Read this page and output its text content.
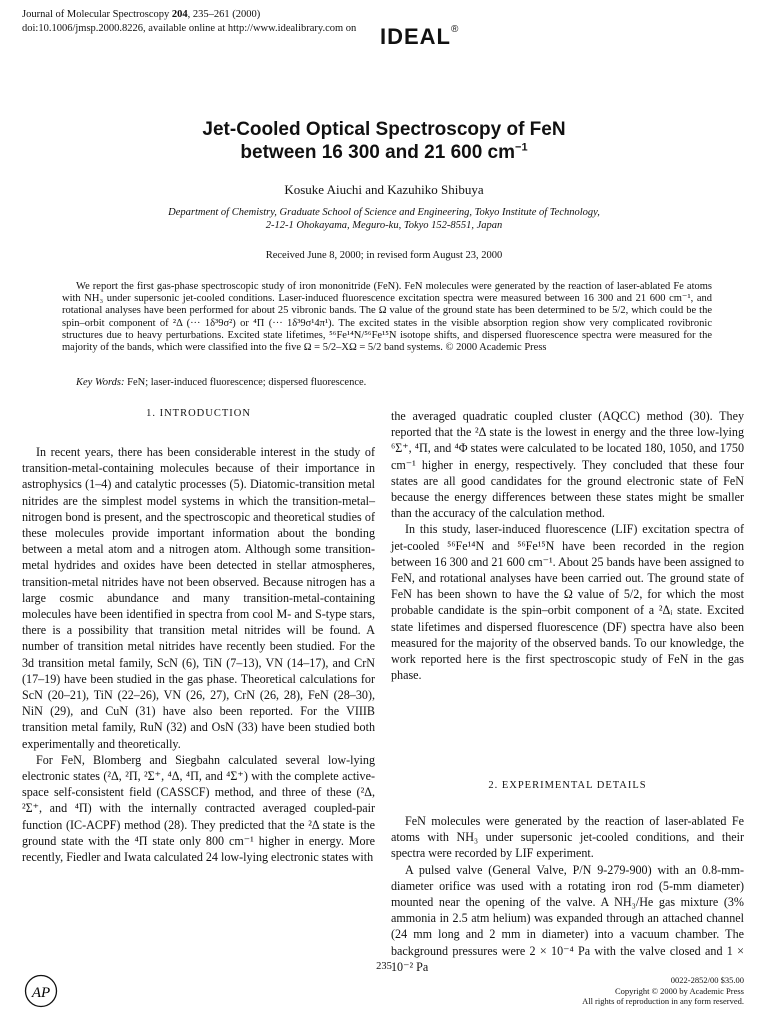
Journal of Molecular Spectroscopy 204, 235–261 (2000)
doi:10.1006/jmsp.2000.8226, available online at http://www.idealibrary.com on IDEAL®
Jet-Cooled Optical Spectroscopy of FeN
between 16 300 and 21 600 $cm^{-1}$
Kosuke Aiuchi and Kazuhiko Shibuya
Department of Chemistry, Graduate School of Science and Engineering, Tokyo Institute of Technology,
2-12-1 Ohokayama, Meguro-ku, Tokyo 152-8551, Japan
Received June 8, 2000; in revised form August 23, 2000
We report the first gas-phase spectroscopic study of iron mononitride (FeN). FeN molecules were generated by the reaction of laser-ablated Fe atoms with NH₃ under supersonic jet-cooled conditions. Laser-induced fluorescence excitation spectra were measured between 16 300 and 21 600 cm⁻¹, and rotational analyses have been performed for about 25 vibronic bands. The Ω value of the ground state has been determined to be 5/2, which could be the spin–orbit component of ²Δ (··· 1δ³9σ²) or ⁴Π (··· 1δ³9σ¹4π¹). The excited states in the visible absorption region show very complicated rovibronic structures due to heavy perturbations. Excited state lifetimes, ⁵⁶Fe¹⁴N/⁵⁶Fe¹⁵N isotope shifts, and dispersed fluorescence spectra were measured for the majority of the bands, which were classified into the five Ω = 5/2–XΩ = 5/2 band systems. © 2000 Academic Press
Key Words: FeN; laser-induced fluorescence; dispersed fluorescence.
1. INTRODUCTION

In recent years, there has been considerable interest in the study of transition-metal-containing molecules because of their importance in astrophysics (1–4) and catalytic processes (5). Diatomic-transition metal nitrides are the simplest model systems in which the transition-metal–nitrogen bond is present, and the spectroscopic and theoretical studies of these molecules provide important information about the bonding between a metal atom and a nitrogen atom. Although some transition-metal hydrides and oxides have been detected in stellar atmospheres, transition-metal nitrides have not been observed. Because nitrogen has a large cosmic abundance and many transition-metal-containing molecules have been identified in spectra from cool M- and S-type stars, there is a possibility that transition metal nitrides will be found. A number of transition metal nitrides have recently been studied. For the 3d transition metal family, ScN (6), TiN (7–13), VN (14–17), and CrN (17–19) have been studied in the gas phase. Theoretical calculations for ScN (20–21), TiN (22–26), VN (26, 27), CrN (26, 28), FeN (28–30), NiN (29), and CuN (31) have also been reported. For the VIIIB transition metal family, RuN (32) and OsN (33) have been studied both experimentally and theoretically.

For FeN, Blomberg and Siegbahn calculated several low-lying electronic states (²Δ, ²Π, ²Σ⁺, ⁴Δ, ⁴Π, and ⁴Σ⁺) with the complete active-space self-consistent field (CASSCF) method, and three of these (²Δ, ²Σ⁺, and ⁴Π) with the internally contracted averaged coupled-pair function (IC-ACPF) method (28). They predicted that the ²Δ state is the ground state with the ⁴Π state only 800 cm⁻¹ higher in energy. More recently, Fiedler and Iwata calculated 24 low-lying electronic states with

the averaged quadratic coupled cluster (AQCC) method (30). They reported that the ²Δ state is the lowest in energy and the three low-lying ⁶Σ⁺, ⁴Π, and ⁴Φ states were calculated to be located 180, 1050, and 1750 cm⁻¹ higher in energy, respectively. They concluded that these four states are all good candidates for the ground electronic state of FeN because the energy differences between these states might be smaller than the accuracy of the calculation method.

In this study, laser-induced fluorescence (LIF) excitation spectra of jet-cooled ⁵⁶Fe¹⁴N and ⁵⁶Fe¹⁵N have been recorded in the region between 16 300 and 21 600 cm⁻¹. About 25 bands have been assigned to FeN, and rotational analyses have been carried out. The ground state of FeN has been shown to have the Ω value of 5/2, for which the most probable candidate is the spin–orbit component of a ²Δᵢ state. Excited state lifetimes and dispersed fluorescence (DF) spectra have also been measured for the majority of the observed bands. To our knowledge, the work reported here is the first spectroscopic study of FeN in the gas phase.

2. EXPERIMENTAL DETAILS

FeN molecules were generated by the reaction of laser-ablated Fe atoms with NH₃ under supersonic jet-cooled conditions, and their spectra were recorded by LIF experiment.

A pulsed valve (General Valve, P/N 9-279-900) with an 0.8-mm-diameter orifice was used with a rotating iron rod (5-mm diameter) mounted near the opening of the valve. A NH₃/He gas mixture (3% ammonia in 2.5 atm helium) was expanded through an attached channel (24 mm long and 2 mm in diameter) into a vacuum chamber. The background pressures were 2 × 10⁻⁴ Pa with the valve closed and 1 × 10⁻² Pa

235
AP
0022-2852/00 $35.00
Copyright © 2000 by Academic Press
All rights of reproduction in any form reserved.
